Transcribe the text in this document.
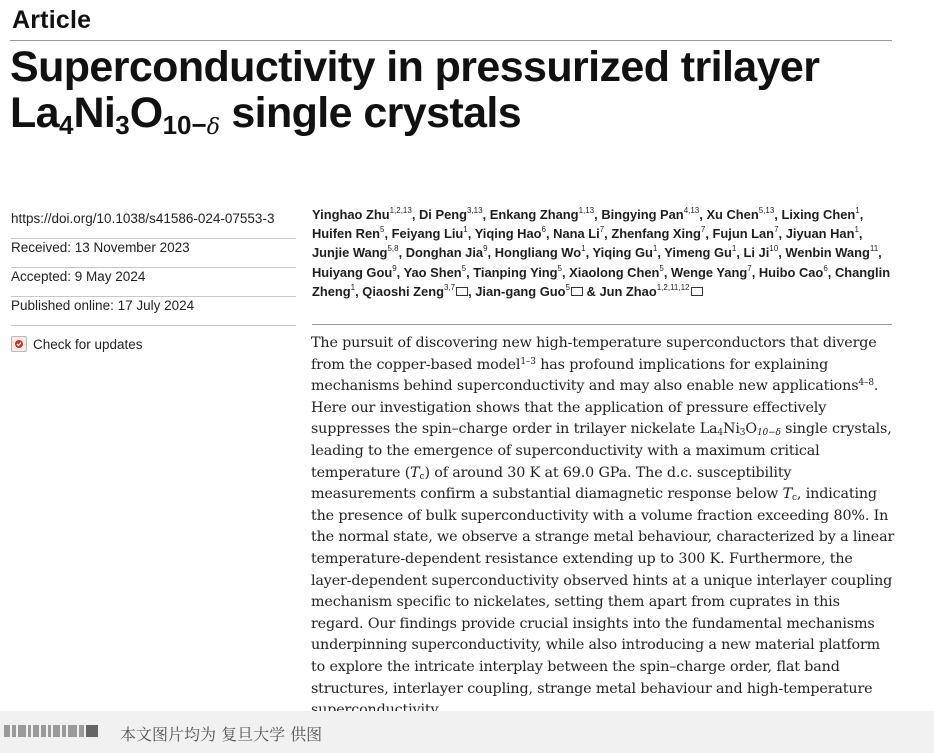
Article
Superconductivity in pressurized trilayer
$La_4Ni_3O_{10-\delta}$ single crystals
https://doi.org/10.1038/s41586-024-07553-3
Received: 13 November 2023
Accepted: 9 May 2024
Published online: 17 July 2024
Check for updates
Yinghao Zhu$^{1,2,13}$, Di Peng$^{3,13}$, Enkang Zhang$^{1,13}$, Bingying Pan$^{4,13}$, Xu Chen$^{5,13}$, Lixing Chen$^1$, Huifen Ren$^5$, Feiyang Liu$^1$, Yiqing Hao$^6$, Nana Li$^7$, Zhenfang Xing$^7$, Fujun Lan$^7$, Jiyuan Han$^1$, Junjie Wang$^{5,8}$, Donghan Jia$^9$, Hongliang Wo$^1$, Yiqing Gu$^1$, Yimeng Gu$^1$, Li Ji$^{10}$, Wenbin Wang$^{11}$, Huiyang Gou$^9$, Yao Shen$^5$, Tianping Ying$^5$, Xiaolong Chen$^5$, Wenge Yang$^7$, Huibo Cao$^6$, Changlin Zheng$^1$, Qiaoshi Zeng$^{3,7}$ , Jian-gang Guo$^5$ & Jun Zhao$^{1,2,11,12}$
The pursuit of discovering new high-temperature superconductors that diverge from the copper-based model$^{1-3}$ has profound implications for explaining mechanisms behind superconductivity and may also enable new applications$^{4-8}$. Here our investigation shows that the application of pressure effectively suppresses the spin–charge order in trilayer nickelate $La_4Ni_3O_{10-\delta}$ single crystals, leading to the emergence of superconductivity with a maximum critical temperature $(T_c)$ of around 30 K at 69.0 GPa. The d.c. susceptibility measurements confirm a substantial diamagnetic response below $T_c$, indicating the presence of bulk superconductivity with a volume fraction exceeding 80%. In the normal state, we observe a strange metal behaviour, characterized by a linear temperature-dependent resistance extending up to 300 K. Furthermore, the layer-dependent superconductivity observed hints at a unique interlayer coupling mechanism specific to nickelates, setting them apart from cuprates in this regard. Our findings provide crucial insights into the fundamental mechanisms underpinning superconductivity, while also introducing a new material platform to explore the intricate interplay between the spin–charge order, flat band structures, interlayer coupling, strange metal behaviour and high-temperature
本文图片均为 复旦大学 供图
